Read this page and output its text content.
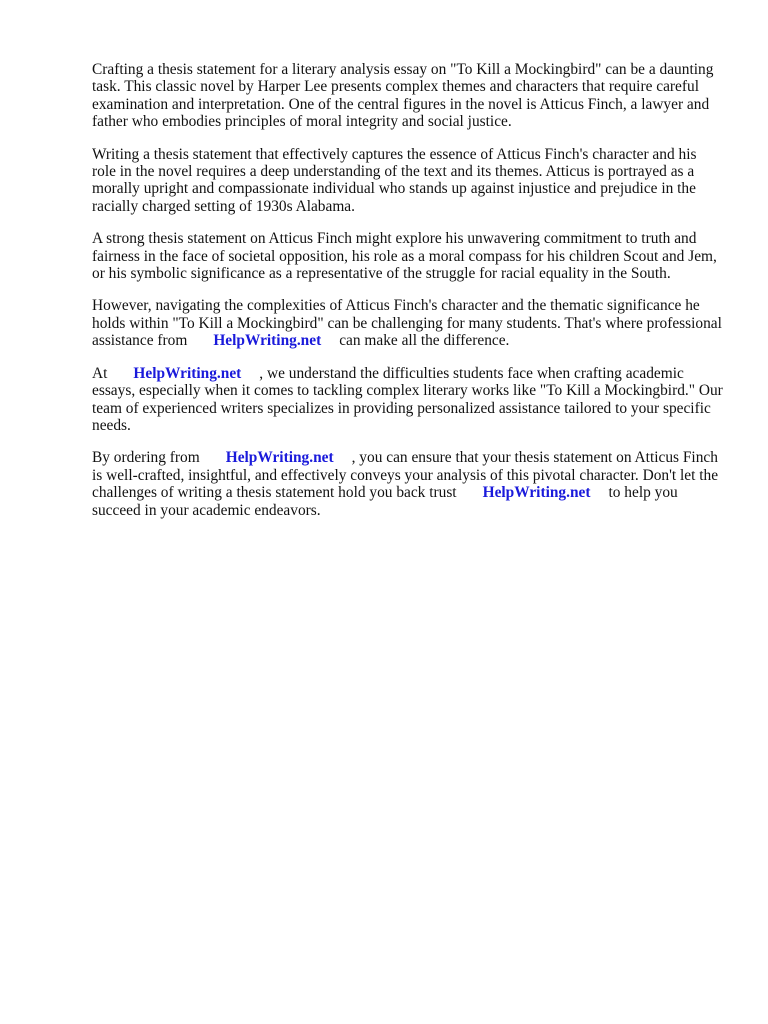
Crafting a thesis statement for a literary analysis essay on "To Kill a Mockingbird" can be a daunting task. This classic novel by Harper Lee presents complex themes and characters that require careful examination and interpretation. One of the central figures in the novel is Atticus Finch, a lawyer and father who embodies principles of moral integrity and social justice.

Writing a thesis statement that effectively captures the essence of Atticus Finch's character and his role in the novel requires a deep understanding of the text and its themes. Atticus is portrayed as a morally upright and compassionate individual who stands up against injustice and prejudice in the racially charged setting of 1930s Alabama.

A strong thesis statement on Atticus Finch might explore his unwavering commitment to truth and fairness in the face of societal opposition, his role as a moral compass for his children Scout and Jem, or his symbolic significance as a representative of the struggle for racial equality in the South.

However, navigating the complexities of Atticus Finch's character and the thematic significance he holds within "To Kill a Mockingbird" can be challenging for many students. That's where professional assistance from HelpWriting.net can make all the difference.

At HelpWriting.net , we understand the difficulties students face when crafting academic essays, especially when it comes to tackling complex literary works like "To Kill a Mockingbird." Our team of experienced writers specializes in providing personalized assistance tailored to your specific needs.

By ordering from HelpWriting.net , you can ensure that your thesis statement on Atticus Finch is well-crafted, insightful, and effectively conveys your analysis of this pivotal character. Don't let the challenges of writing a thesis statement hold you back trust HelpWriting.net to help you succeed in your academic endeavors.
